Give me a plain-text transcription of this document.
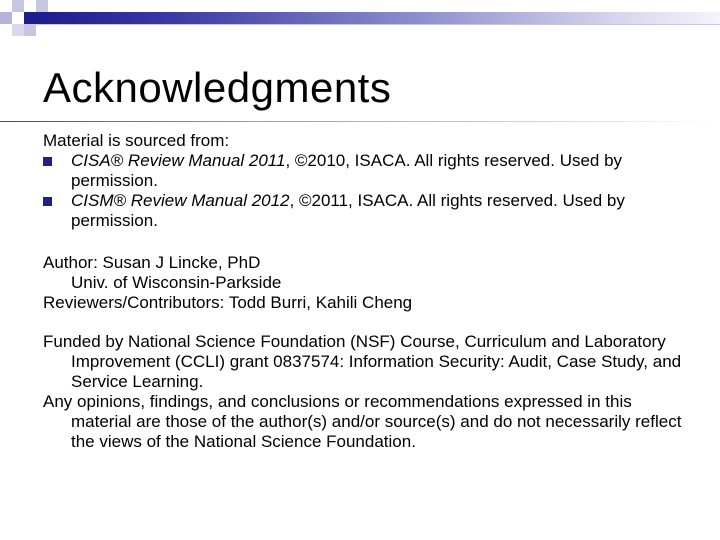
Acknowledgments
Material is sourced from:
CISA® Review Manual 2011, ©2010, ISACA. All rights reserved. Used by permission.
CISM® Review Manual 2012, ©2011, ISACA. All rights reserved. Used by permission.
Author: Susan J Lincke, PhD
Univ. of Wisconsin-Parkside
Reviewers/Contributors: Todd Burri, Kahili Cheng
Funded by National Science Foundation (NSF) Course, Curriculum and Laboratory Improvement (CCLI) grant 0837574: Information Security: Audit, Case Study, and Service Learning.
Any opinions, findings, and conclusions or recommendations expressed in this material are those of the author(s) and/or source(s) and do not necessarily reflect the views of the National Science Foundation.
